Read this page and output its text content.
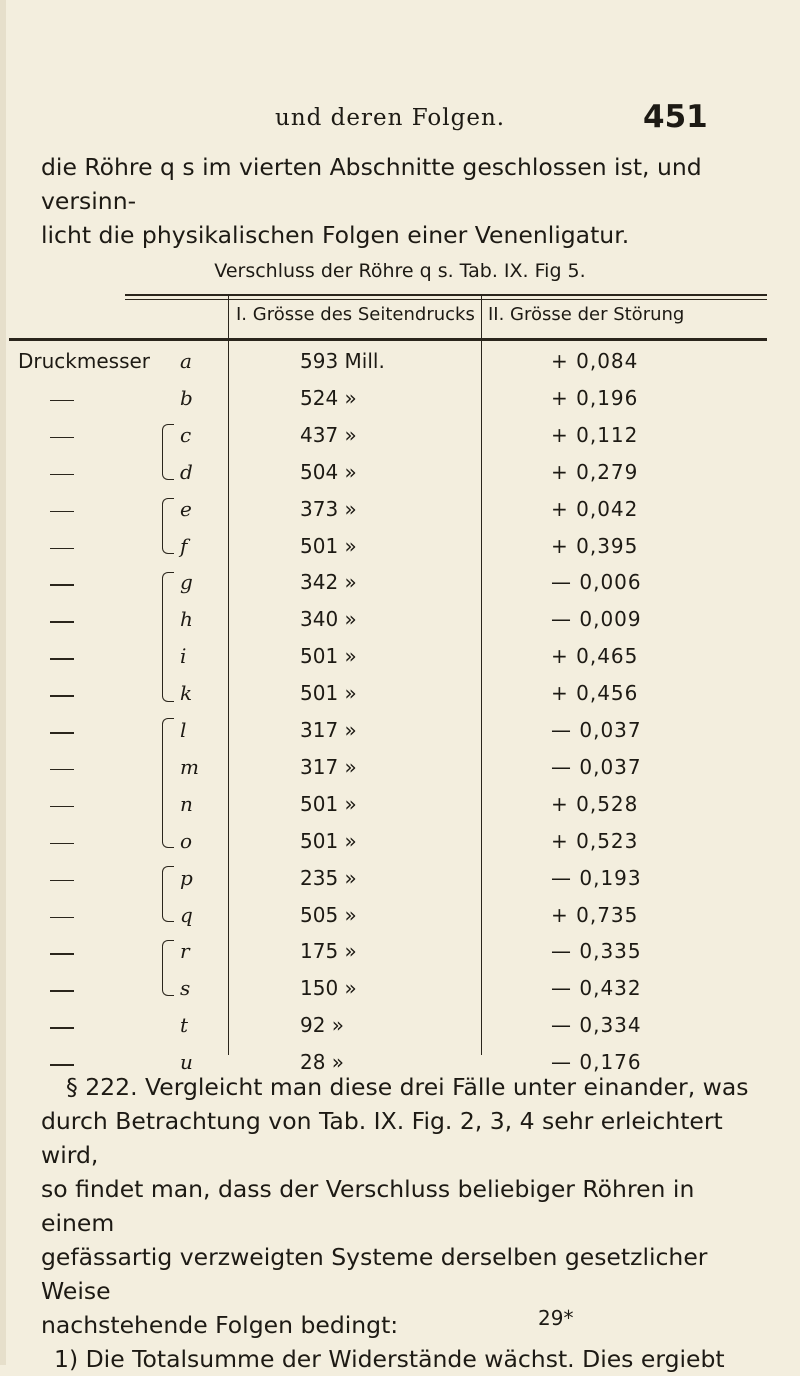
und deren Folgen.	451
die Röhre q s im vierten Abschnitte geschlossen ist, und versinn-
licht die physikalischen Folgen einer Venenligatur.
Verschluss der Röhre q s. Tab. IX. Fig 5.
I. Grösse des Seitendrucks II. Grösse der Störung
Druckmesser a	593 Mill.	+ 0,084
b	524 »	+ 0,196
c	437 »	+ 0,112
d	504 »	+ 0,279
e	373 »	+ 0,042
f	501 »	+ 0,395
g	342 »	— 0,006
h	340 »	— 0,009
i	501 »	+ 0,465
k	501 »	+ 0,456
l	317 »	— 0,037
m	317 »	— 0,037
n	501 »	+ 0,528
o	501 »	+ 0,523
p	235 »	— 0,193
q	505 »	+ 0,735
r	175 »	— 0,335
s	150 »	— 0,432
t	92 »	— 0,334
u	28 »	— 0,176
§ 222. Vergleicht man diese drei Fälle unter einander, was
durch Betrachtung von Tab. IX. Fig. 2, 3, 4 sehr erleichtert wird,
so findet man, dass der Verschluss beliebiger Röhren in einem
gefässartig verzweigten Systeme derselben gesetzlicher Weise
nachstehende Folgen bedingt:
1) Die Totalsumme der Widerstände wächst. Dies ergiebt
29*
